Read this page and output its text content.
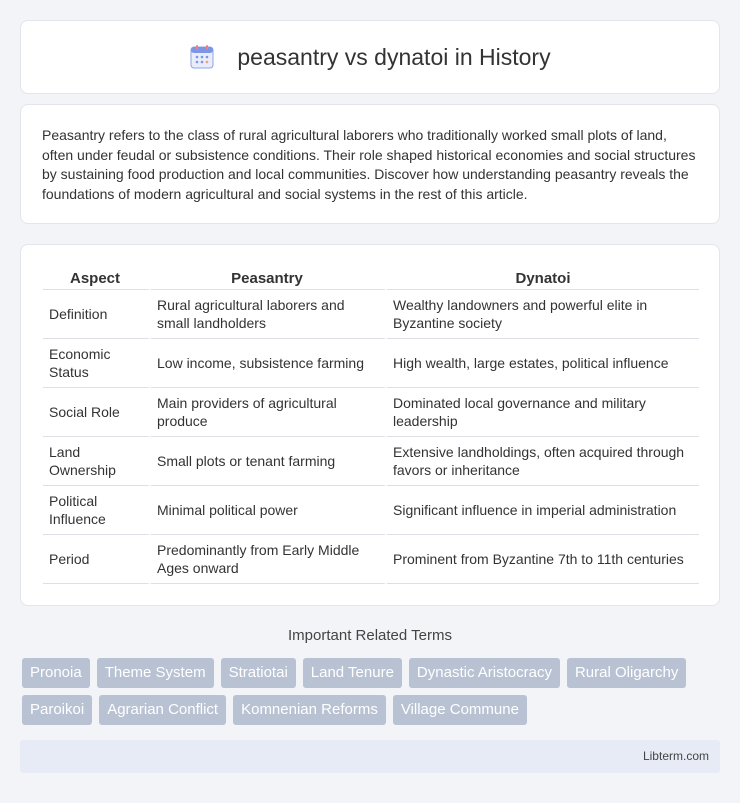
peasantry vs dynatoi in History

Peasantry refers to the class of rural agricultural laborers who traditionally worked small plots of land, often under feudal or subsistence conditions. Their role shaped historical economies and social structures by sustaining food production and local communities. Discover how understanding peasantry reveals the foundations of modern agricultural and social systems in the rest of this article.

Aspect	Peasantry	Dynatoi
Definition	Rural agricultural laborers and small landholders	Wealthy landowners and powerful elite in Byzantine society
Economic Status	Low income, subsistence farming	High wealth, large estates, political influence
Social Role	Main providers of agricultural produce	Dominated local governance and military leadership
Land Ownership	Small plots or tenant farming	Extensive landholdings, often acquired through favors or inheritance
Political Influence	Minimal political power	Significant influence in imperial administration
Period	Predominantly from Early Middle Ages onward	Prominent from Byzantine 7th to 11th centuries
Important Related Terms
Pronoia	Theme System	Stratiotai	Land Tenure	Dynastic Aristocracy	Rural Oligarchy
Paroikoi	Agrarian Conflict	Komnenian Reforms	Village Commune
Libterm.com
